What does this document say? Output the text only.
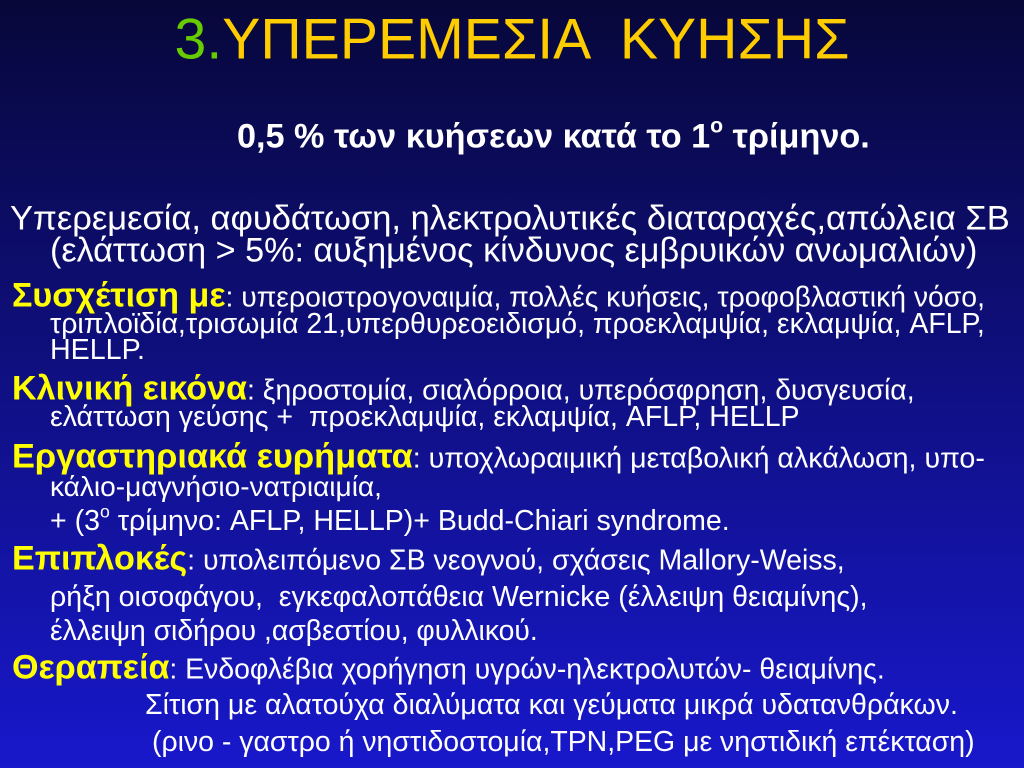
3.ΥΠΕΡΕΜΕΣΙΑ  ΚΥΗΣΗΣ
0,5 % των κυήσεων κατά το $1^o$ τρίμηνο.
Υπερεμεσία, αφυδάτωση, ηλεκτρολυτικές διαταραχές,απώλεια ΣΒ
(ελάττωση > 5%: αυξημένος κίνδυνος εμβρυικών ανωμαλιών)
Συσχέτιση με: υπεροιστρογοναιμία, πολλές κυήσεις, τροφοβλαστική νόσο,
τριπλοϊδία,τρισωμία 21,υπερθυρεοειδισμό, προεκλαμψία, εκλαμψία, AFLP,
HELLP.
Κλινική εικόνα: ξηροστομία, σιαλόρροια, υπερόσφρηση, δυσγευσία,
ελάττωση γεύσης +  προεκλαμψία, εκλαμψία, AFLP, HELLP
Εργαστηριακά ευρήματα: υποχλωραιμική μεταβολική αλκάλωση, υπο-
κάλιο-μαγνήσιο-νατριαιμία,
+ ($3^o$ τρίμηνο: AFLP, HELLP)+ Budd-Chiari syndrome.
Επιπλοκές: υπολειπόμενο ΣΒ νεογνού, σχάσεις Mallory-Weiss,
ρήξη οισοφάγου,  εγκεφαλοπάθεια Wernicke (έλλειψη θειαμίνης),
έλλειψη σιδήρου ,ασβεστίου, φυλλικού.
Θεραπεία: Ενδοφλέβια χορήγηση υγρών-ηλεκτρολυτών- θειαμίνης.
Σίτιση με αλατούχα διαλύματα και γεύματα μικρά υδατανθράκων.
(ρινο - γαστρο ή νηστιδοστομία,TPN,PEG με νηστιδική επέκταση)
